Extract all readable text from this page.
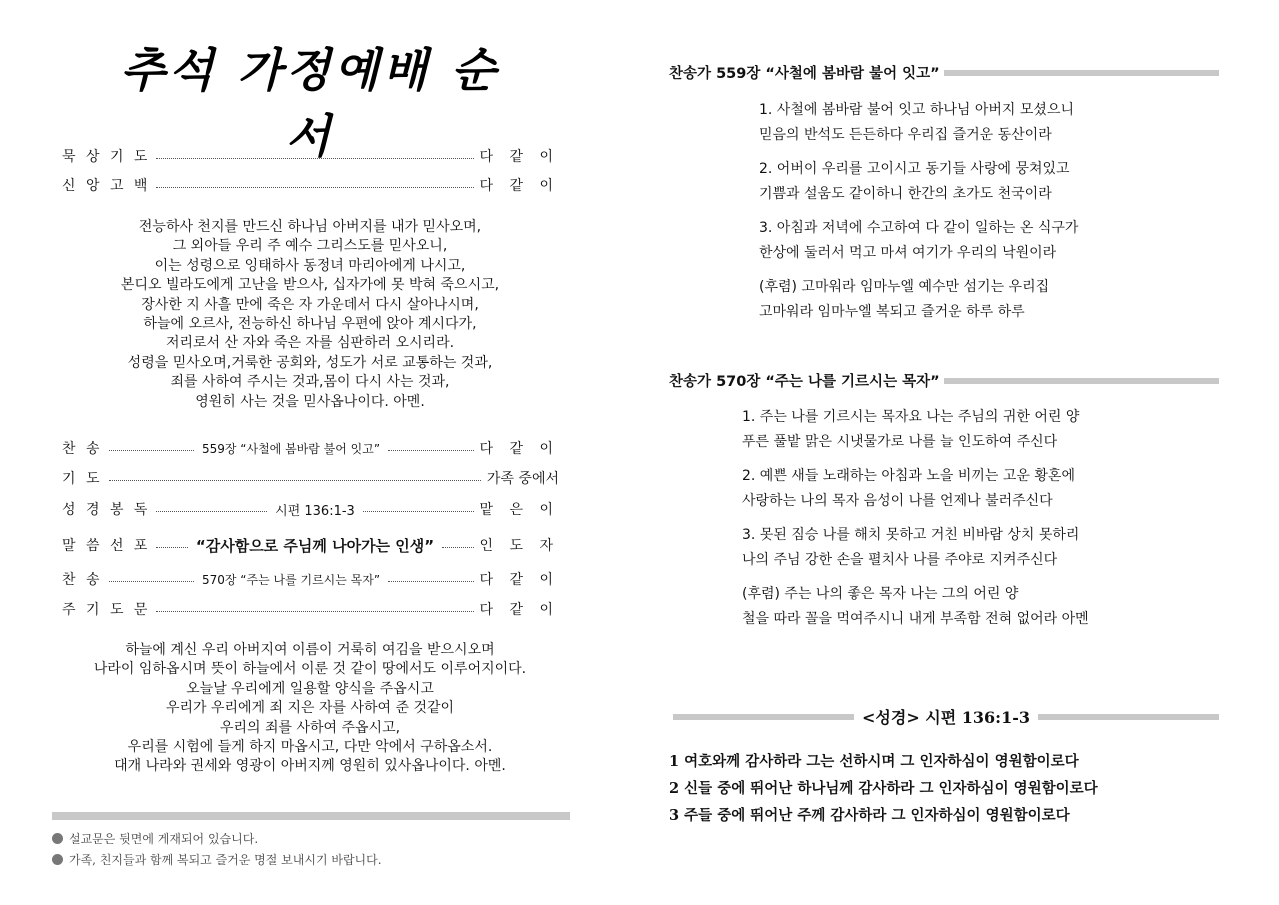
추석 가정예배 순서
묵 상 기 도	다 같 이
신 앙 고 백	다 같 이
전능하사 천지를 만드신 하나님 아버지를 내가 믿사오며,
그 외아들 우리 주 예수 그리스도를 믿사오니,
이는 성령으로 잉태하사 동정녀 마리아에게 나시고,
본디오 빌라도에게 고난을 받으사, 십자가에 못 박혀 죽으시고,
장사한 지 사흘 만에 죽은 자 가운데서 다시 살아나시며,
하늘에 오르사, 전능하신 하나님 우편에 앉아 계시다가,
저리로서 산 자와 죽은 자를 심판하러 오시리라.
성령을 믿사오며,거룩한 공회와, 성도가 서로 교통하는 것과,
죄를 사하여 주시는 것과,몸이 다시 사는 것과,
영원히 사는 것을 믿사옵나이다. 아멘.
찬 송	559장 “사철에 봄바람 불어 잇고”	다 같 이
기 도	가족 중에서
성 경 봉 독	시편 136:1-3	맡 은 이
말 씀 선 포	“감사함으로 주님께 나아가는 인생”	인 도 자
찬 송	570장 “주는 나를 기르시는 목자”	다 같 이
주 기 도 문	다 같 이
하늘에 계신 우리 아버지여 이름이 거룩히 여김을 받으시오며
나라이 임하옵시며 뜻이 하늘에서 이룬 것 같이 땅에서도 이루어지이다.
오늘날 우리에게 일용할 양식을 주옵시고
우리가 우리에게 죄 지은 자를 사하여 준 것같이
우리의 죄를 사하여 주옵시고,
우리를 시험에 들게 하지 마옵시고, 다만 악에서 구하옵소서.
대개 나라와 권세와 영광이 아버지께 영원히 있사옵나이다. 아멘.
설교문은 뒷면에 게재되어 있습니다.
가족, 친지들과 함께 복되고 즐거운 명절 보내시기 바랍니다.
찬송가 559장 “사철에 봄바람 불어 잇고”
1. 사철에 봄바람 불어 잇고 하나님 아버지 모셨으니
믿음의 반석도 든든하다 우리집 즐거운 동산이라
2. 어버이 우리를 고이시고 동기들 사랑에 뭉쳐있고
기쁨과 설움도 같이하니 한간의 초가도 천국이라
3. 아침과 저녁에 수고하여 다 같이 일하는 온 식구가
한상에 둘러서 먹고 마셔 여기가 우리의 낙원이라
(후렴) 고마워라 임마누엘 예수만 섬기는 우리집
고마워라 임마누엘 복되고 즐거운 하루 하루
찬송가 570장 “주는 나를 기르시는 목자”
1. 주는 나를 기르시는 목자요 나는 주님의 귀한 어린 양
푸른 풀밭 맑은 시냇물가로 나를 늘 인도하여 주신다
2. 예쁜 새들 노래하는 아침과 노을 비끼는 고운 황혼에
사랑하는 나의 목자 음성이 나를 언제나 불러주신다
3. 못된 짐승 나를 해치 못하고 거친 비바람 상치 못하리
나의 주님 강한 손을 펼치사 나를 주야로 지켜주신다
(후렴) 주는 나의 좋은 목자 나는 그의 어린 양
철을 따라 꼴을 먹여주시니 내게 부족함 전혀 없어라 아멘
<성경> 시편 136:1-3
1 여호와께 감사하라 그는 선하시며 그 인자하심이 영원함이로다
2 신들 중에 뛰어난 하나님께 감사하라 그 인자하심이 영원함이로다
3 주들 중에 뛰어난 주께 감사하라 그 인자하심이 영원함이로다
